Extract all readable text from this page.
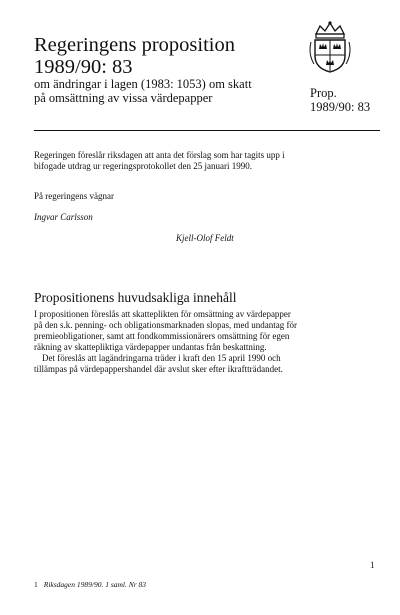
Regeringens proposition
1989/90: 83
om ändringar i lagen (1983: 1053) om skatt
på omsättning av vissa värdepapper	Prop.
1989/90: 83
Regeringen föreslår riksdagen att anta det förslag som har tagits upp i
bifogade utdrag ur regeringsprotokollet den 25 januari 1990.
På regeringens vägnar
Ingvar Carlsson
Kjell-Olof Feldt
Propositionens huvudsakliga innehåll

I propositionen föreslås att skatteplikten för omsättning av värdepapper
på den s.k. penning- och obligationsmarknaden slopas, med undantag för
premieobligationer, samt att fondkommissionärers omsättning för egen
räkning av skattepliktiga värdepapper undantas från beskattning.

Det föreslås att lagändringarna träder i kraft den 15 april 1990 och
tillämpas på värdepappershandel där avslut sker efter ikraftträdandet.

1
1 Riksdagen 1989/90. 1 saml. Nr 83
